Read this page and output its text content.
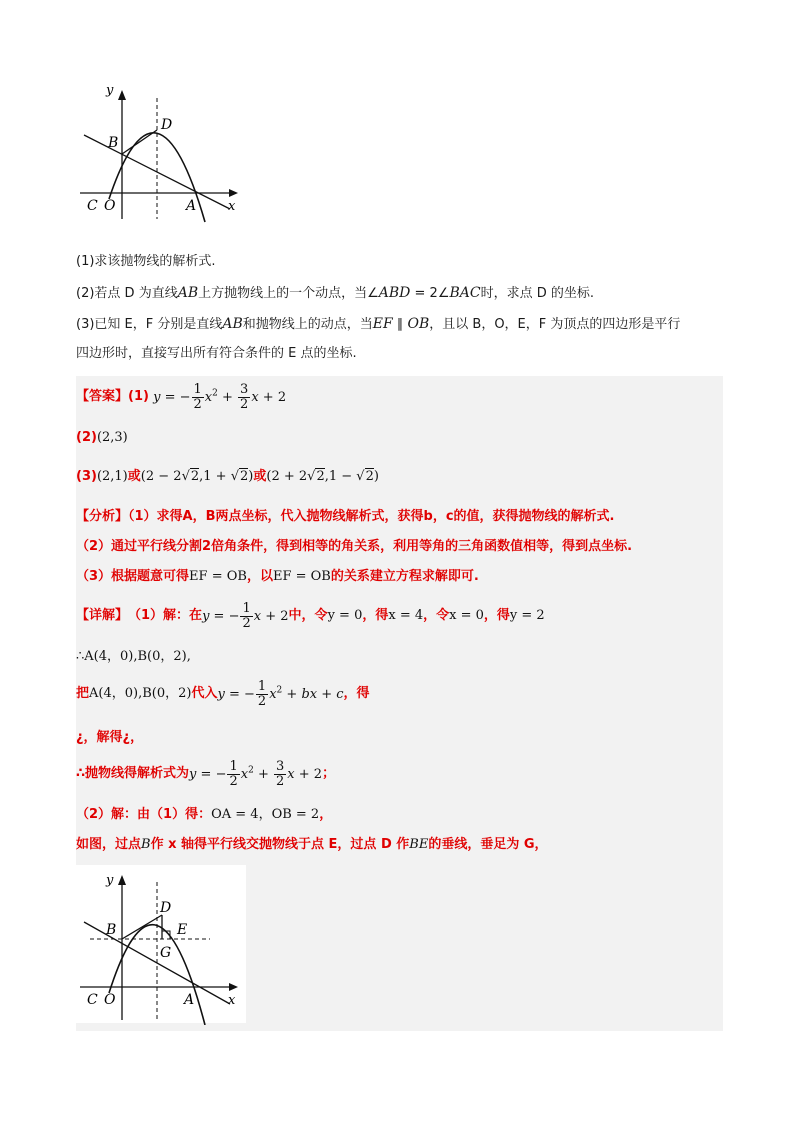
y
x
B
D
C O	A
(1)求该抛物线的解析式.
(2)若点 D 为直线AB上方抛物线上的一个动点，当∠ABD = 2∠BAC时，求点 D 的坐标.
(3)已知 E，F 分别是直线AB和抛物线上的动点，当EF ∥ OB，且以 B，O，E，F 为顶点的四边形是平行
四边形时，直接写出所有符合条件的 E 点的坐标.
【答案】 (1) y = − $\frac{1}{2} x^2 + \frac{3}{2}$ x + 2
(2)(2,3)
(3)(2,1)或(2 − 2√2,1 + √2)或(2 + 2√2,1 − √2)
【分析】（1）求得A，B两点坐标，代入抛物线解析式，获得b，c的值，获得抛物线的解析式.
（2）通过平行线分割2倍角条件，得到相等的角关系，利用等角的三角函数值相等，得到点坐标.
（3）根据题意可得EF = OB，以EF = OB的关系建立方程求解即可.
【详解】 （1）解：在 y = − $\frac{1}{2}$ x + 2 中，令 y = 0 ，得 x = 4 ，令 x = 0 ，得 y = 2
∴A(4，0),B(0，2),
把 A(4，0),B(0，2) 代入 y = − $\frac{1}{2} x^2$ + bx + c ，得
¿，解得¿，
∴抛物线得解析式为 y = − $\frac{1}{2} x^2 + \frac{3}{2}$ x + 2 ；
（2）解：由（1）得：OA = 4，OB = 2，
如图，过点B作 x 轴得平行线交抛物线于点 E，过点 D 作BE的垂线，垂足为 G，
y
x
B
D
E
G
C O	A
